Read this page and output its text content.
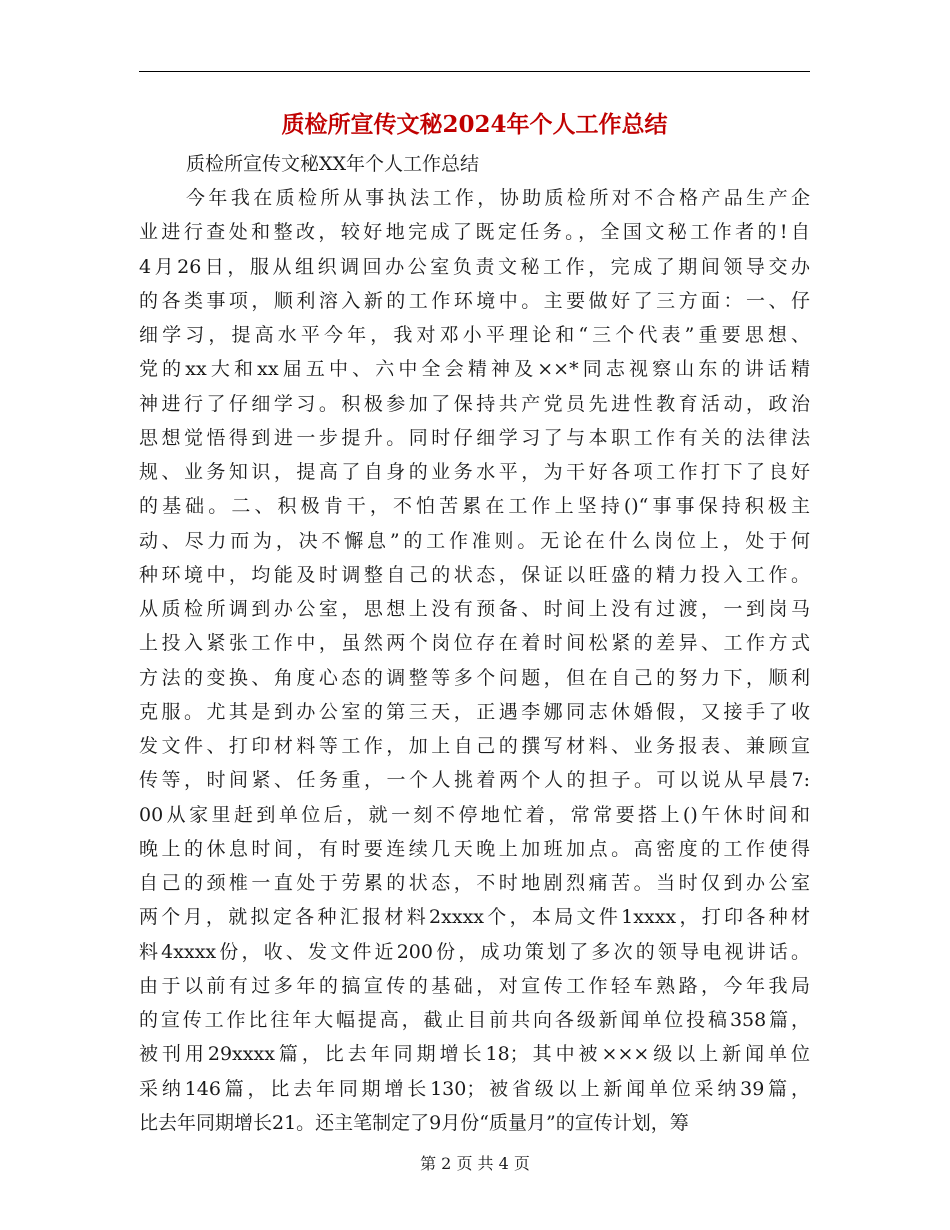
质检所宣传文秘2024年个人工作总结
质检所宣传文秘XX年个人工作总结
今年我在质检所从事执法工作，协助质检所对不合格产品生产企
业进行查处和整改，较好地完成了既定任务。，全国文秘工作者的!自
4月26日，服从组织调回办公室负责文秘工作，完成了期间领导交办
的各类事项，顺利溶入新的工作环境中。主要做好了三方面：一、仔
细学习，提高水平今年，我对邓小平理论和“三个代表”重要思想、
党的xx大和xx届五中、六中全会精神及××*同志视察山东的讲话精
神进行了仔细学习。积极参加了保持共产党员先进性教育活动，政治
思想觉悟得到进一步提升。同时仔细学习了与本职工作有关的法律法
规、业务知识，提高了自身的业务水平，为干好各项工作打下了良好
的基础。二、积极肯干，不怕苦累在工作上坚持()“事事保持积极主
动、尽力而为，决不懈息”的工作准则。无论在什么岗位上，处于何
种环境中，均能及时调整自己的状态，保证以旺盛的精力投入工作。
从质检所调到办公室，思想上没有预备、时间上没有过渡，一到岗马
上投入紧张工作中，虽然两个岗位存在着时间松紧的差异、工作方式
方法的变换、角度心态的调整等多个问题，但在自己的努力下，顺利
克服。尤其是到办公室的第三天，正遇李娜同志休婚假，又接手了收
发文件、打印材料等工作，加上自己的撰写材料、业务报表、兼顾宣
传等，时间紧、任务重，一个人挑着两个人的担子。可以说从早晨7:
00从家里赶到单位后，就一刻不停地忙着，常常要搭上()午休时间和
晚上的休息时间，有时要连续几天晚上加班加点。高密度的工作使得
自己的颈椎一直处于劳累的状态，不时地剧烈痛苦。当时仅到办公室
两个月，就拟定各种汇报材料2xxxx个，本局文件1xxxx，打印各种材
料4xxxx份，收、发文件近200份，成功策划了多次的领导电视讲话。
由于以前有过多年的搞宣传的基础，对宣传工作轻车熟路，今年我局
的宣传工作比往年大幅提高，截止目前共向各级新闻单位投稿358篇，
被刊用29xxxx篇，比去年同期增长18；其中被×××级以上新闻单位
采纳146篇，比去年同期增长130；被省级以上新闻单位采纳39篇，
比去年同期增长21。还主笔制定了9月份“质量月”的宣传计划，筹
第 2 页 共 4 页
